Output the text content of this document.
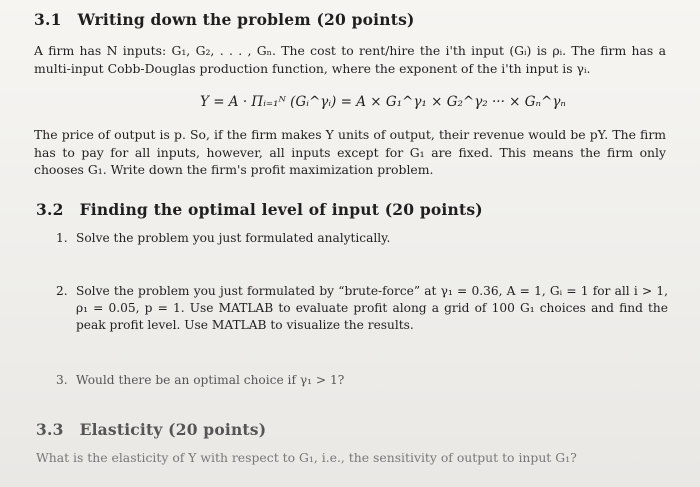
3.1 Writing down the problem (20 points)

A firm has N inputs: G₁, G₂, . . . , Gₙ. The cost to rent/hire the i'th input (Gᵢ) is ρᵢ. The firm has a multi-input Cobb-Douglas production function, where the exponent of the i'th input is γᵢ.

Y = A · Πᵢ₌₁ᴺ (Gᵢ^γᵢ) = A × G₁^γ₁ × G₂^γ₂ ··· × Gₙ^γₙ

The price of output is p. So, if the firm makes Y units of output, their revenue would be pY. The firm has to pay for all inputs, however, all inputs except for G₁ are fixed. This means the firm only chooses G₁. Write down the firm's profit maximization problem.

3.2 Finding the optimal level of input (20 points)
1. Solve the problem you just formulated analytically.
2. Solve the problem you just formulated by “brute-force” at γ₁ = 0.36, A = 1, Gᵢ = 1 for all i > 1, ρ₁ = 0.05, p = 1. Use MATLAB to evaluate profit along a grid of 100 G₁ choices and find the peak profit level. Use MATLAB to visualize the results.
3. Would there be an optimal choice if γ₁ > 1?
3.3 Elasticity (20 points)

What is the elasticity of Y with respect to G₁, i.e., the sensitivity of output to input G₁?
